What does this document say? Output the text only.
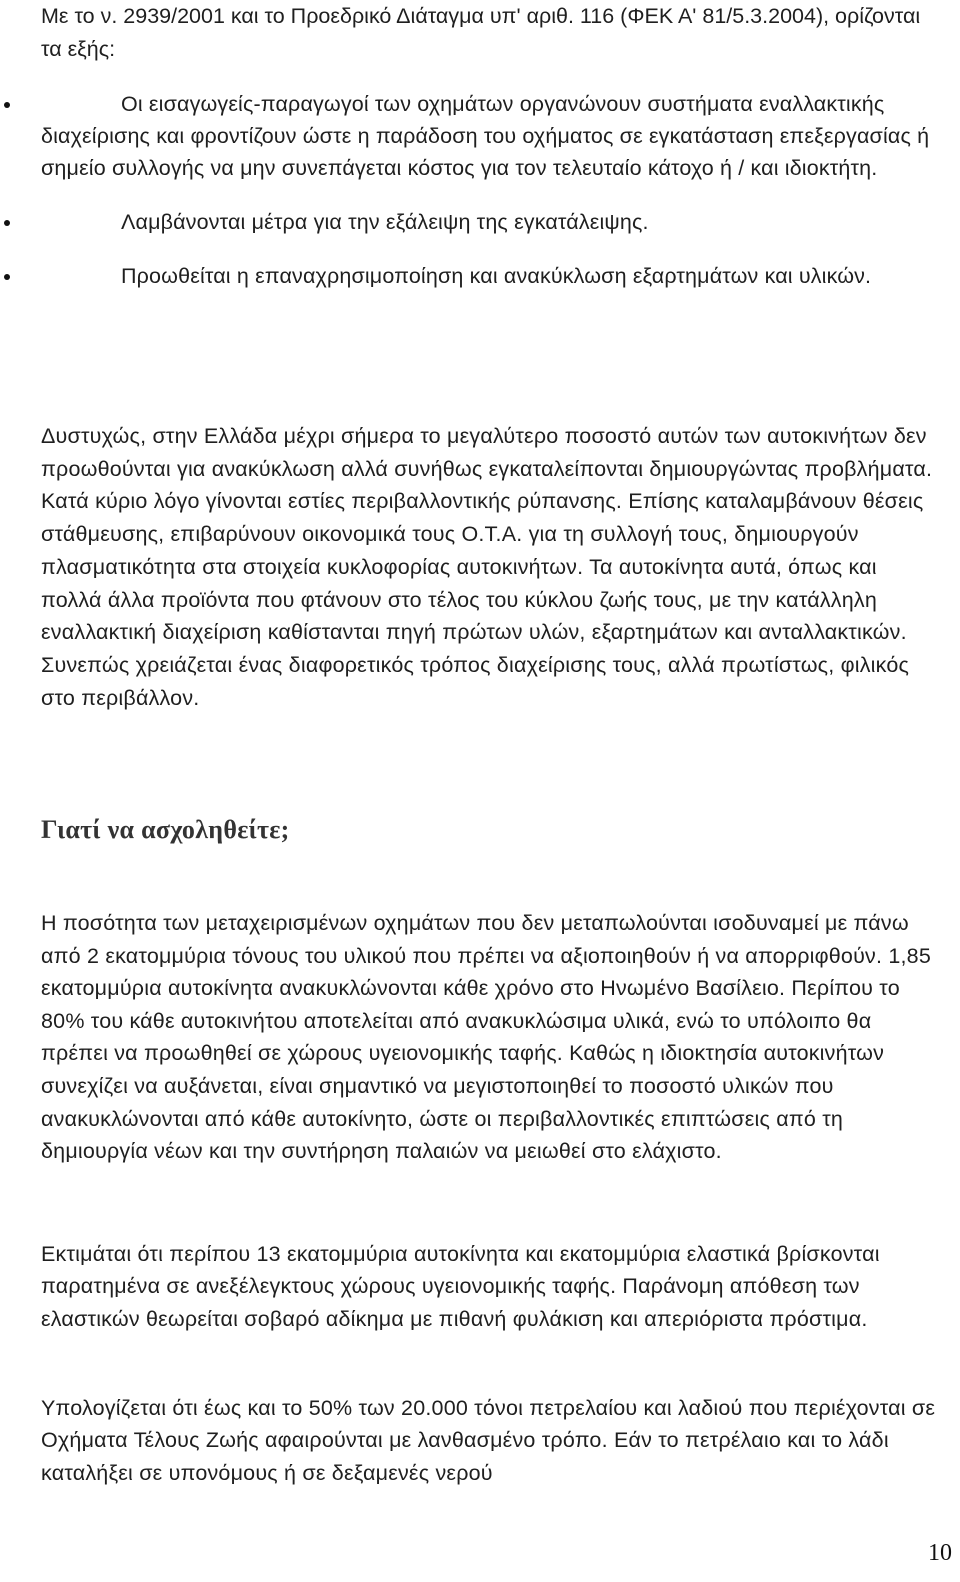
Με το ν. 2939/2001 και το Προεδρικό Διάταγμα υπ' αριθ. 116 (ΦΕΚ Α' 81/5.3.2004), ορίζονται τα εξής:

Οι εισαγωγείς-παραγωγοί των οχημάτων οργανώνουν συστήματα εναλλακτικής διαχείρισης και φροντίζουν ώστε η παράδοση του οχήματος σε εγκατάσταση επεξεργασίας ή σημείο συλλογής να μην συνεπάγεται κόστος για τον τελευταίο κάτοχο ή / και ιδιοκτήτη.
Λαμβάνονται μέτρα για την εξάλειψη της εγκατάλειψης.
Προωθείται η επαναχρησιμοποίηση και ανακύκλωση εξαρτημάτων και υλικών.

Δυστυχώς, στην Ελλάδα μέχρι σήμερα το μεγαλύτερο ποσοστό αυτών των αυτοκινήτων δεν προωθούνται για ανακύκλωση αλλά συνήθως εγκαταλείπονται δημιουργώντας προβλήματα. Κατά κύριο λόγο γίνονται εστίες περιβαλλοντικής ρύπανσης. Επίσης καταλαμβάνουν θέσεις στάθμευσης, επιβαρύνουν οικονομικά τους Ο.Τ.Α. για τη συλλογή τους, δημιουργούν πλασματικότητα στα στοιχεία κυκλοφορίας αυτοκινήτων. Τα αυτοκίνητα αυτά, όπως και πολλά άλλα προϊόντα που φτάνουν στο τέλος του κύκλου ζωής τους, με την κατάλληλη εναλλακτική διαχείριση καθίστανται πηγή πρώτων υλών, εξαρτημάτων και ανταλλακτικών. Συνεπώς χρειάζεται ένας διαφορετικός τρόπος διαχείρισης τους, αλλά πρωτίστως, φιλικός στο περιβάλλον.

Γιατί να ασχοληθείτε;

Η ποσότητα των μεταχειρισμένων οχημάτων που δεν μεταπωλούνται ισοδυναμεί με πάνω από 2 εκατομμύρια τόνους του υλικού που πρέπει να αξιοποιηθούν ή να απορριφθούν. 1,85 εκατομμύρια αυτοκίνητα ανακυκλώνονται κάθε χρόνο στο Ηνωμένο Βασίλειο. Περίπου το 80% του κάθε αυτοκινήτου αποτελείται από ανακυκλώσιμα υλικά, ενώ το υπόλοιπο θα πρέπει να προωθηθεί σε χώρους υγειονομικής ταφής. Καθώς η ιδιοκτησία αυτοκινήτων συνεχίζει να αυξάνεται, είναι σημαντικό να μεγιστοποιηθεί το ποσοστό υλικών που ανακυκλώνονται από κάθε αυτοκίνητο, ώστε οι περιβαλλοντικές επιπτώσεις από τη δημιουργία νέων και την συντήρηση παλαιών να μειωθεί στο ελάχιστο.

Εκτιμάται ότι περίπου 13 εκατομμύρια αυτοκίνητα και εκατομμύρια ελαστικά βρίσκονται παρατημένα σε ανεξέλεγκτους χώρους υγειονομικής ταφής. Παράνομη απόθεση των ελαστικών θεωρείται σοβαρό αδίκημα με πιθανή φυλάκιση και απεριόριστα πρόστιμα.

Υπολογίζεται ότι έως και το 50% των 20.000 τόνοι πετρελαίου και λαδιού που περιέχονται σε Οχήματα Τέλους Ζωής αφαιρούνται με λανθασμένο τρόπο. Εάν το πετρέλαιο και το λάδι καταλήξει σε υπονόμους ή σε δεξαμενές νερού

10
